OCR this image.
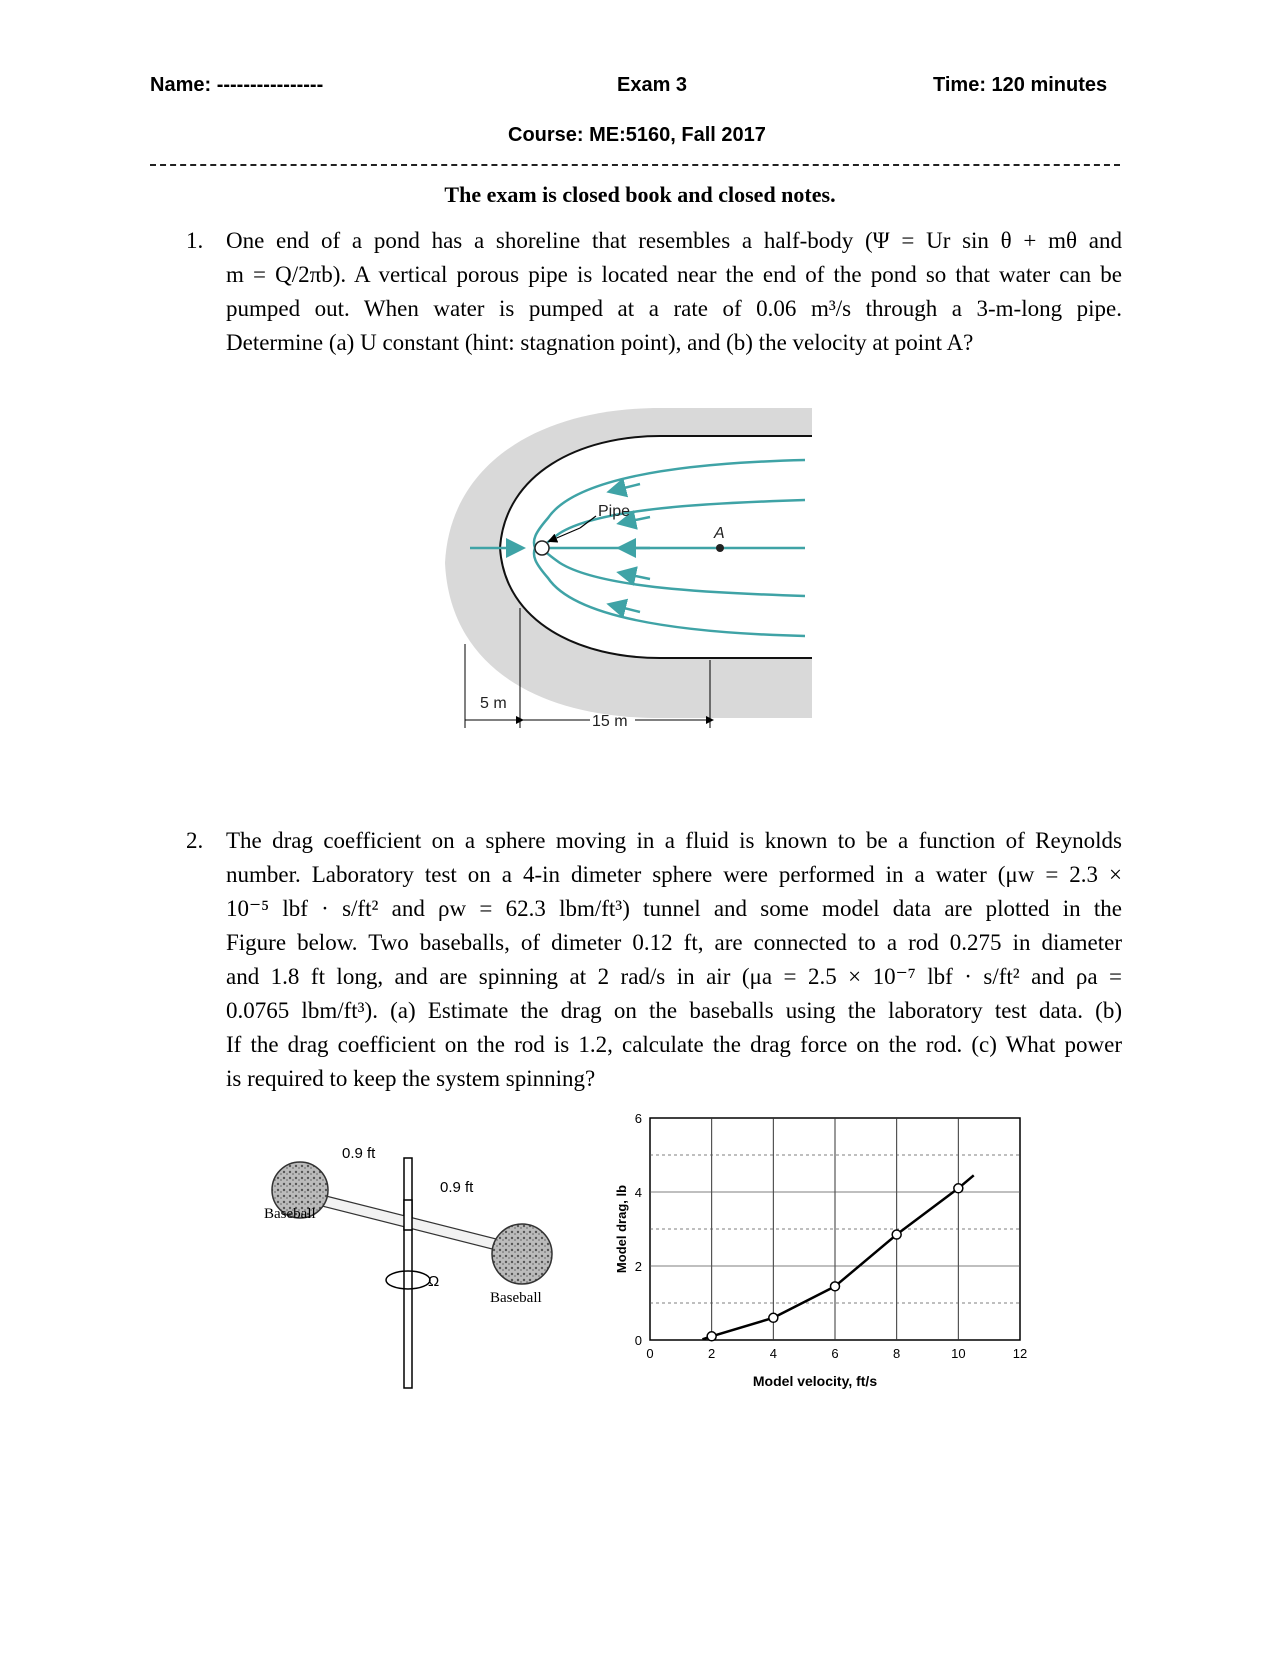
Name: ----------------	Exam 3	Time: 120 minutes
Course: ME:5160, Fall 2017
The exam is closed book and closed notes.
1. One end of a pond has a shoreline that resembles a half-body (Ψ = Ur sin θ + mθ and
m = Q/2πb). A vertical porous pipe is located near the end of the pond so that water can be
pumped out. When water is pumped at a rate of 0.06 m³/s through a 3-m-long pipe.
Determine (a) U constant (hint: stagnation point), and (b) the velocity at point A?
Pipe
A
5 m
15 m
2. The drag coefficient on a sphere moving in a fluid is known to be a function of Reynolds
number. Laboratory test on a 4-in dimeter sphere were performed in a water (μw = 2.3 ×
10⁻⁵ lbf · s/ft² and ρw = 62.3 lbm/ft³) tunnel and some model data are plotted in the
Figure below. Two baseballs, of dimeter 0.12 ft, are connected to a rod 0.275 in diameter
and 1.8 ft long, and are spinning at 2 rad/s in air (μa = 2.5 × 10⁻⁷ lbf · s/ft² and ρa =
0.0765 lbm/ft³). (a) Estimate the drag on the baseballs using the laboratory test data. (b)
If the drag coefficient on the rod is 1.2, calculate the drag force on the rod. (c) What power
is required to keep the system spinning?
Ω
0.9 ft
0.9 ft
Baseball
Baseball
0	2	4	6	8	10	12
0
2
4
6
Model velocity, ft/s
Model drag, lb
